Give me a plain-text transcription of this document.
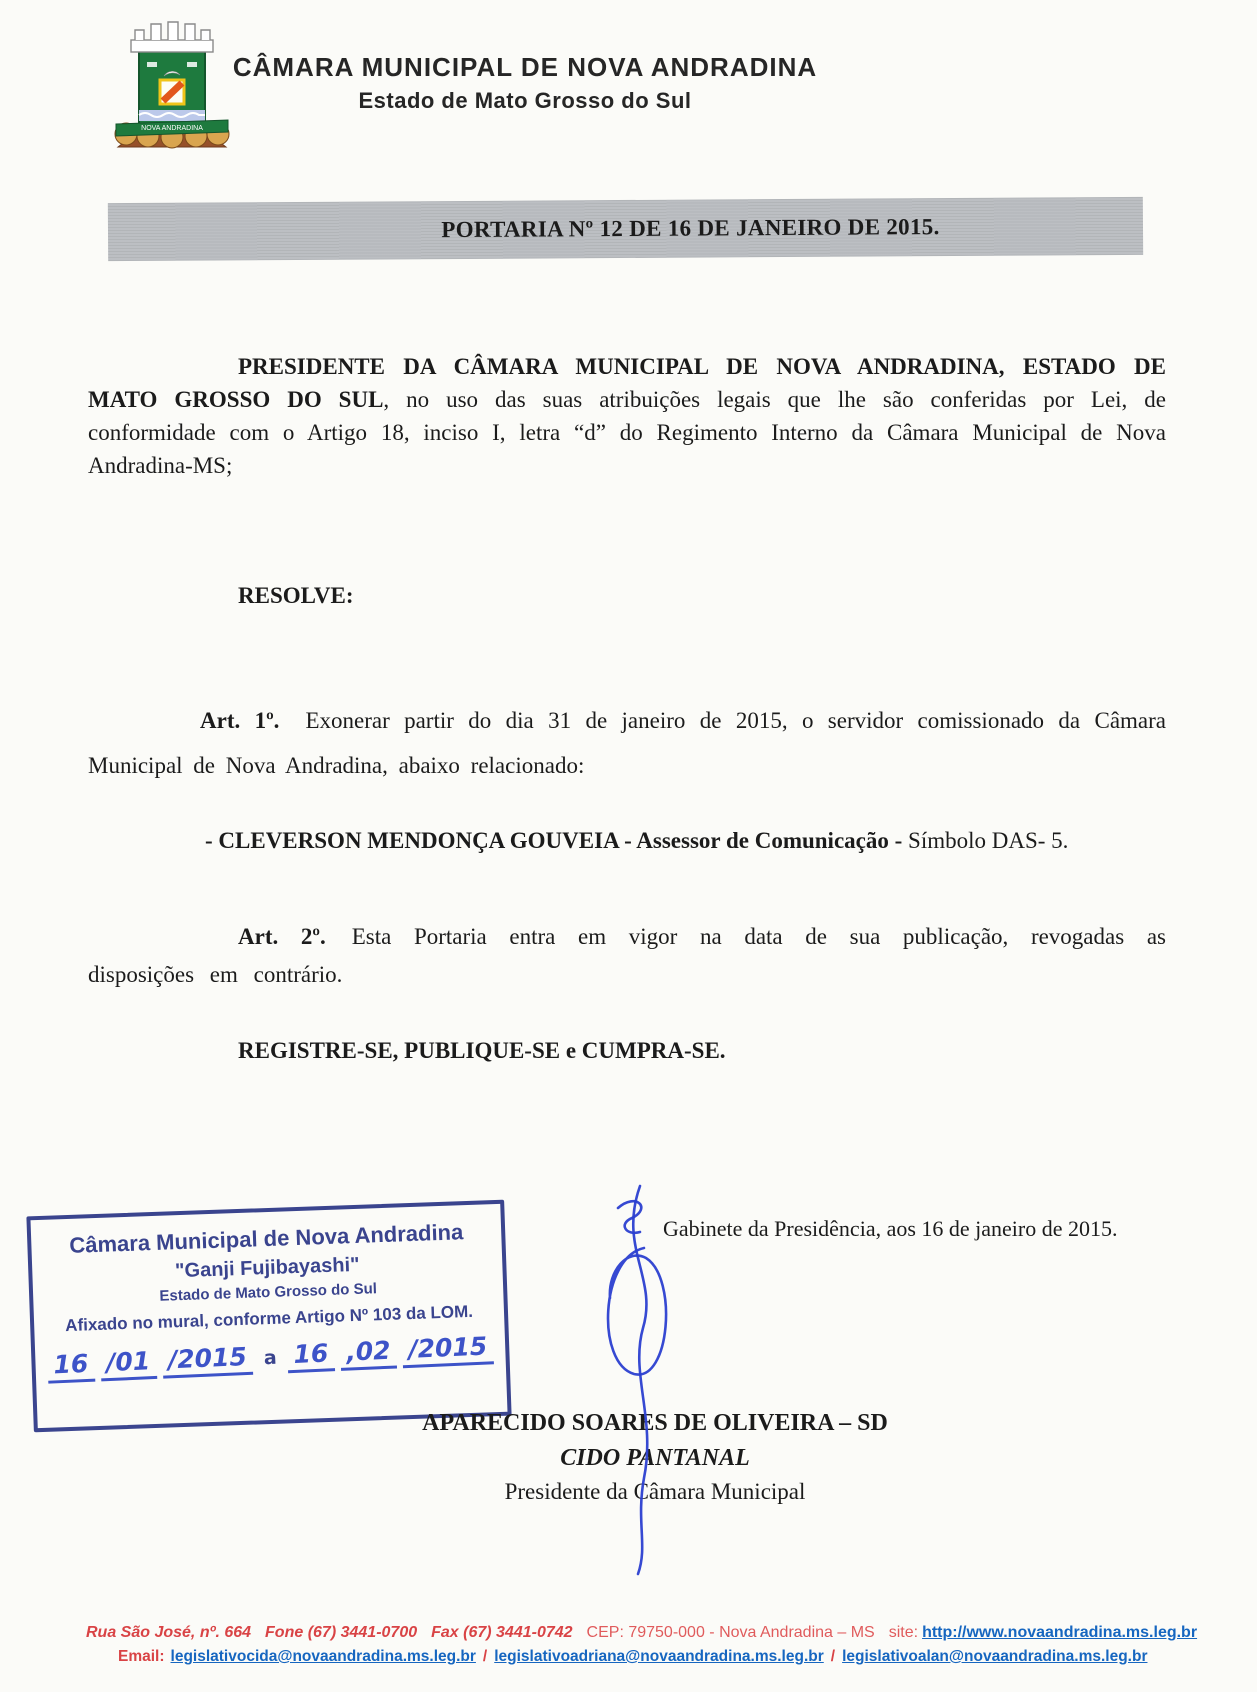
NOVA ANDRADINA
CÂMARA MUNICIPAL DE NOVA ANDRADINA
Estado de Mato Grosso do Sul
PORTARIA Nº 12 DE 16 DE JANEIRO DE 2015.

PRESIDENTE DA CÂMARA MUNICIPAL DE NOVA ANDRADINA, ESTADO DE MATO GROSSO DO SUL, no uso das suas atribuições legais que lhe são conferidas por Lei, de conformidade com o Artigo 18, inciso I, letra “d” do Regimento Interno da Câmara Municipal de Nova Andradina-MS;

RESOLVE:

Art. 1º. Exonerar partir do dia 31 de janeiro de 2015, o servidor comissionado da Câmara Municipal de Nova Andradina, abaixo relacionado:

- CLEVERSON MENDONÇA GOUVEIA - Assessor de Comunicação - Símbolo DAS- 5.

Art. 2º. Esta Portaria entra em vigor na data de sua publicação, revogadas as disposições em contrário.

REGISTRE-SE, PUBLIQUE-SE e CUMPRA-SE.
Gabinete da Presidência, aos 16 de janeiro de 2015.
Câmara Municipal de Nova Andradina
"Ganji Fujibayashi"
Estado de Mato Grosso do Sul
Afixado no mural, conforme Artigo Nº 103 da LOM.
16 /01 /2015 a 16 ,02 /2015
APARECIDO SOARES DE OLIVEIRA – SD
CIDO PANTANAL
Presidente da Câmara Municipal
Rua São José, nº. 664 Fone (67) 3441-0700 Fax (67) 3441-0742 CEP: 79750-000 - Nova Andradina – MS site: http://www.novaandradina.ms.leg.br
Email: legislativocida@novaandradina.ms.leg.br / legislativoadriana@novaandradina.ms.leg.br / legislativoalan@novaandradina.ms.leg.br
